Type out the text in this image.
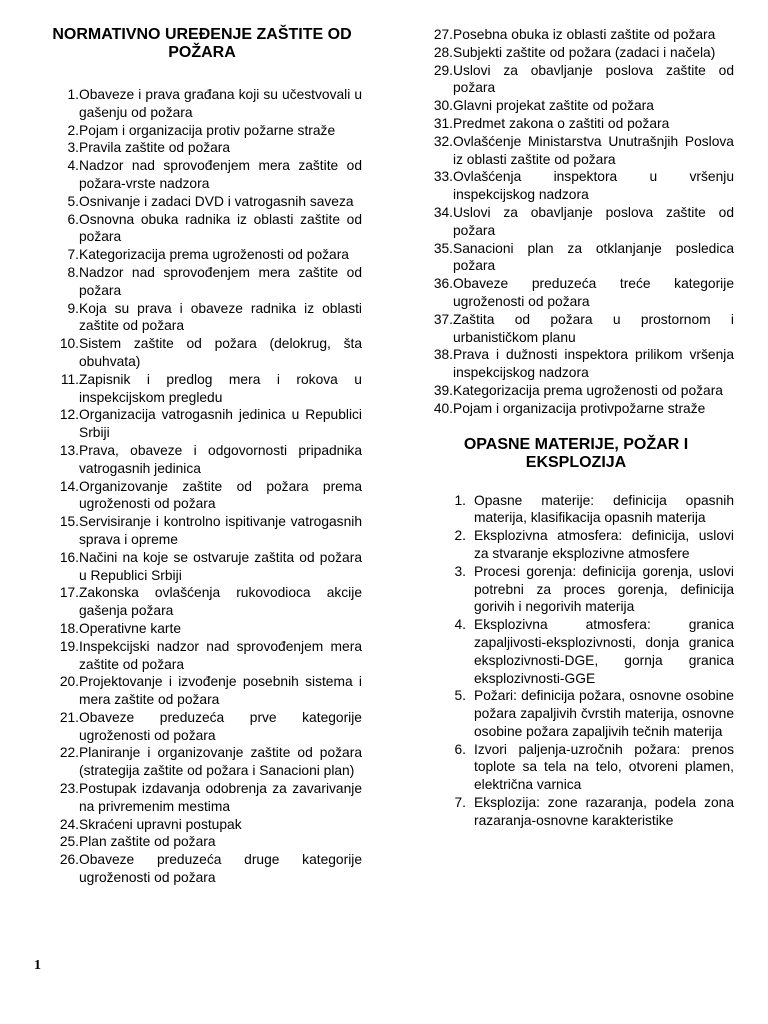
NORMATIVNO UREĐENJE ZAŠTITE OD POŽARA
1. Obaveze i prava građana koji su učestvovali u gašenju od požara
2. Pojam i organizacija protiv požarne straže
3. Pravila zaštite od požara
4. Nadzor nad sprovođenjem mera zaštite od požara-vrste nadzora
5. Osnivanje i zadaci DVD i vatrogasnih saveza
6. Osnovna obuka radnika iz oblasti zaštite od požara
7. Kategorizacija prema ugroženosti od požara
8. Nadzor nad sprovođenjem mera zaštite od požara
9. Koja su prava i obaveze radnika iz oblasti zaštite od požara
10. Sistem zaštite od požara (delokrug, šta obuhvata)
11. Zapisnik i predlog mera i rokova u inspekcijskom pregledu
12. Organizacija vatrogasnih jedinica u Republici Srbiji
13. Prava, obaveze i odgovornosti pripadnika vatrogasnih jedinica
14. Organizovanje zaštite od požara prema ugroženosti od požara
15. Servisiranje i kontrolno ispitivanje vatrogasnih sprava i opreme
16. Načini na koje se ostvaruje zaštita od požara u Republici Srbiji
17. Zakonska ovlašćenja rukovodioca akcije gašenja požara
18. Operativne karte
19. Inspekcijski nadzor nad sprovođenjem mera zaštite od požara
20. Projektovanje i izvođenje posebnih sistema i mera zaštite od požara
21. Obaveze preduzeća prve kategorije ugroženosti od požara
22. Planiranje i organizovanje zaštite od požara (strategija zaštite od požara i Sanacioni plan)
23. Postupak izdavanja odobrenja za zavarivanje na privremenim mestima
24. Skraćeni upravni postupak
25. Plan zaštite od požara
26. Obaveze preduzeća druge kategorije ugroženosti od požara
27. Posebna obuka iz oblasti zaštite od požara
28. Subjekti zaštite od požara (zadaci i načela)
29. Uslovi za obavljanje poslova zaštite od požara
30. Glavni projekat zaštite od požara
31. Predmet zakona o zaštiti od požara
32. Ovlašćenje Ministarstva Unutrašnjih Poslova iz oblasti zaštite od požara
33. Ovlašćenja inspektora u vršenju inspekcijskog nadzora
34. Uslovi za obavljanje poslova zaštite od požara
35. Sanacioni plan za otklanjanje posledica požara
36. Obaveze preduzeća treće kategorije ugroženosti od požara
37. Zaštita od požara u prostornom i urbanističkom planu
38. Prava i dužnosti inspektora prilikom vršenja inspekcijskog nadzora
39. Kategorizacija prema ugroženosti od požara
40. Pojam i organizacija protivpožarne straže
OPASNE MATERIJE, POŽAR I EKSPLOZIJA
1. Opasne materije: definicija opasnih materija, klasifikacija opasnih materija
2. Eksplozivna atmosfera: definicija, uslovi za stvaranje eksplozivne atmosfere
3. Procesi gorenja: definicija gorenja, uslovi potrebni za proces gorenja, definicija gorivih i negorivih materija
4. Eksplozivna atmosfera: granica zapaljivosti-eksplozivnosti, donja granica eksplozivnosti-DGE, gornja granica eksplozivnosti-GGE
5. Požari: definicija požara, osnovne osobine požara zapaljivih čvrstih materija, osnovne osobine požara zapaljivih tečnih materija
6. Izvori paljenja-uzročnih požara: prenos toplote sa tela na telo, otvoreni plamen, električna varnica
7. Eksplozija: zone razaranja, podela zona razaranja-osnovne karakteristike
1
